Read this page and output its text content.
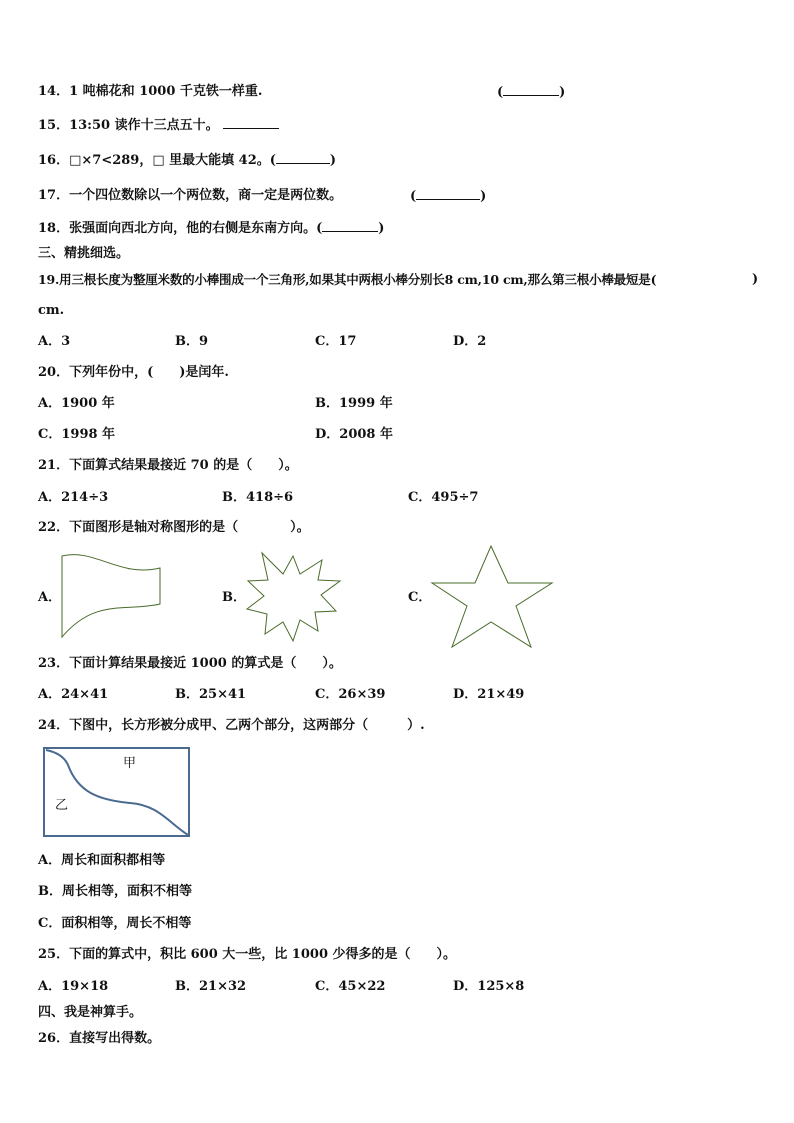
14．1 吨棉花和 1000 千克铁一样重.	(	)
15．13:50 读作十三点五十。
16．□×7<289，□ 里最大能填 42。(	)
17．一个四位数除以一个两位数，商一定是两位数。	(	)
18．张强面向西北方向，他的右侧是东南方向。(	)
三、精挑细选。
19.用三根长度为整厘米数的小棒围成一个三角形,如果其中两根小棒分别长8 cm,10 cm,那么第三根小棒最短是(	)
cm.
A．3	B．9	C．17	D．2
20．下列年份中，(　　)是闰年.
A．1900 年	B．1999 年
C．1998 年	D．2008 年
21．下面算式结果最接近 70 的是（　　）。
A．214÷3	B．418÷6	C．495÷7
22．下面图形是轴对称图形的是（　　　　）。
A．	B．	C．
23．下面计算结果最接近 1000 的算式是（　　）。
A．24×41	B．25×41	C．26×39	D．21×49
24．下图中，长方形被分成甲、乙两个部分，这两部分（　　　）.
甲
乙
A．周长和面积都相等
B．周长相等，面积不相等
C．面积相等，周长不相等
25．下面的算式中，积比 600 大一些，比 1000 少得多的是（　　）。
A．19×18	B．21×32	C．45×22	D．125×8
四、我是神算手。
26．直接写出得数。
